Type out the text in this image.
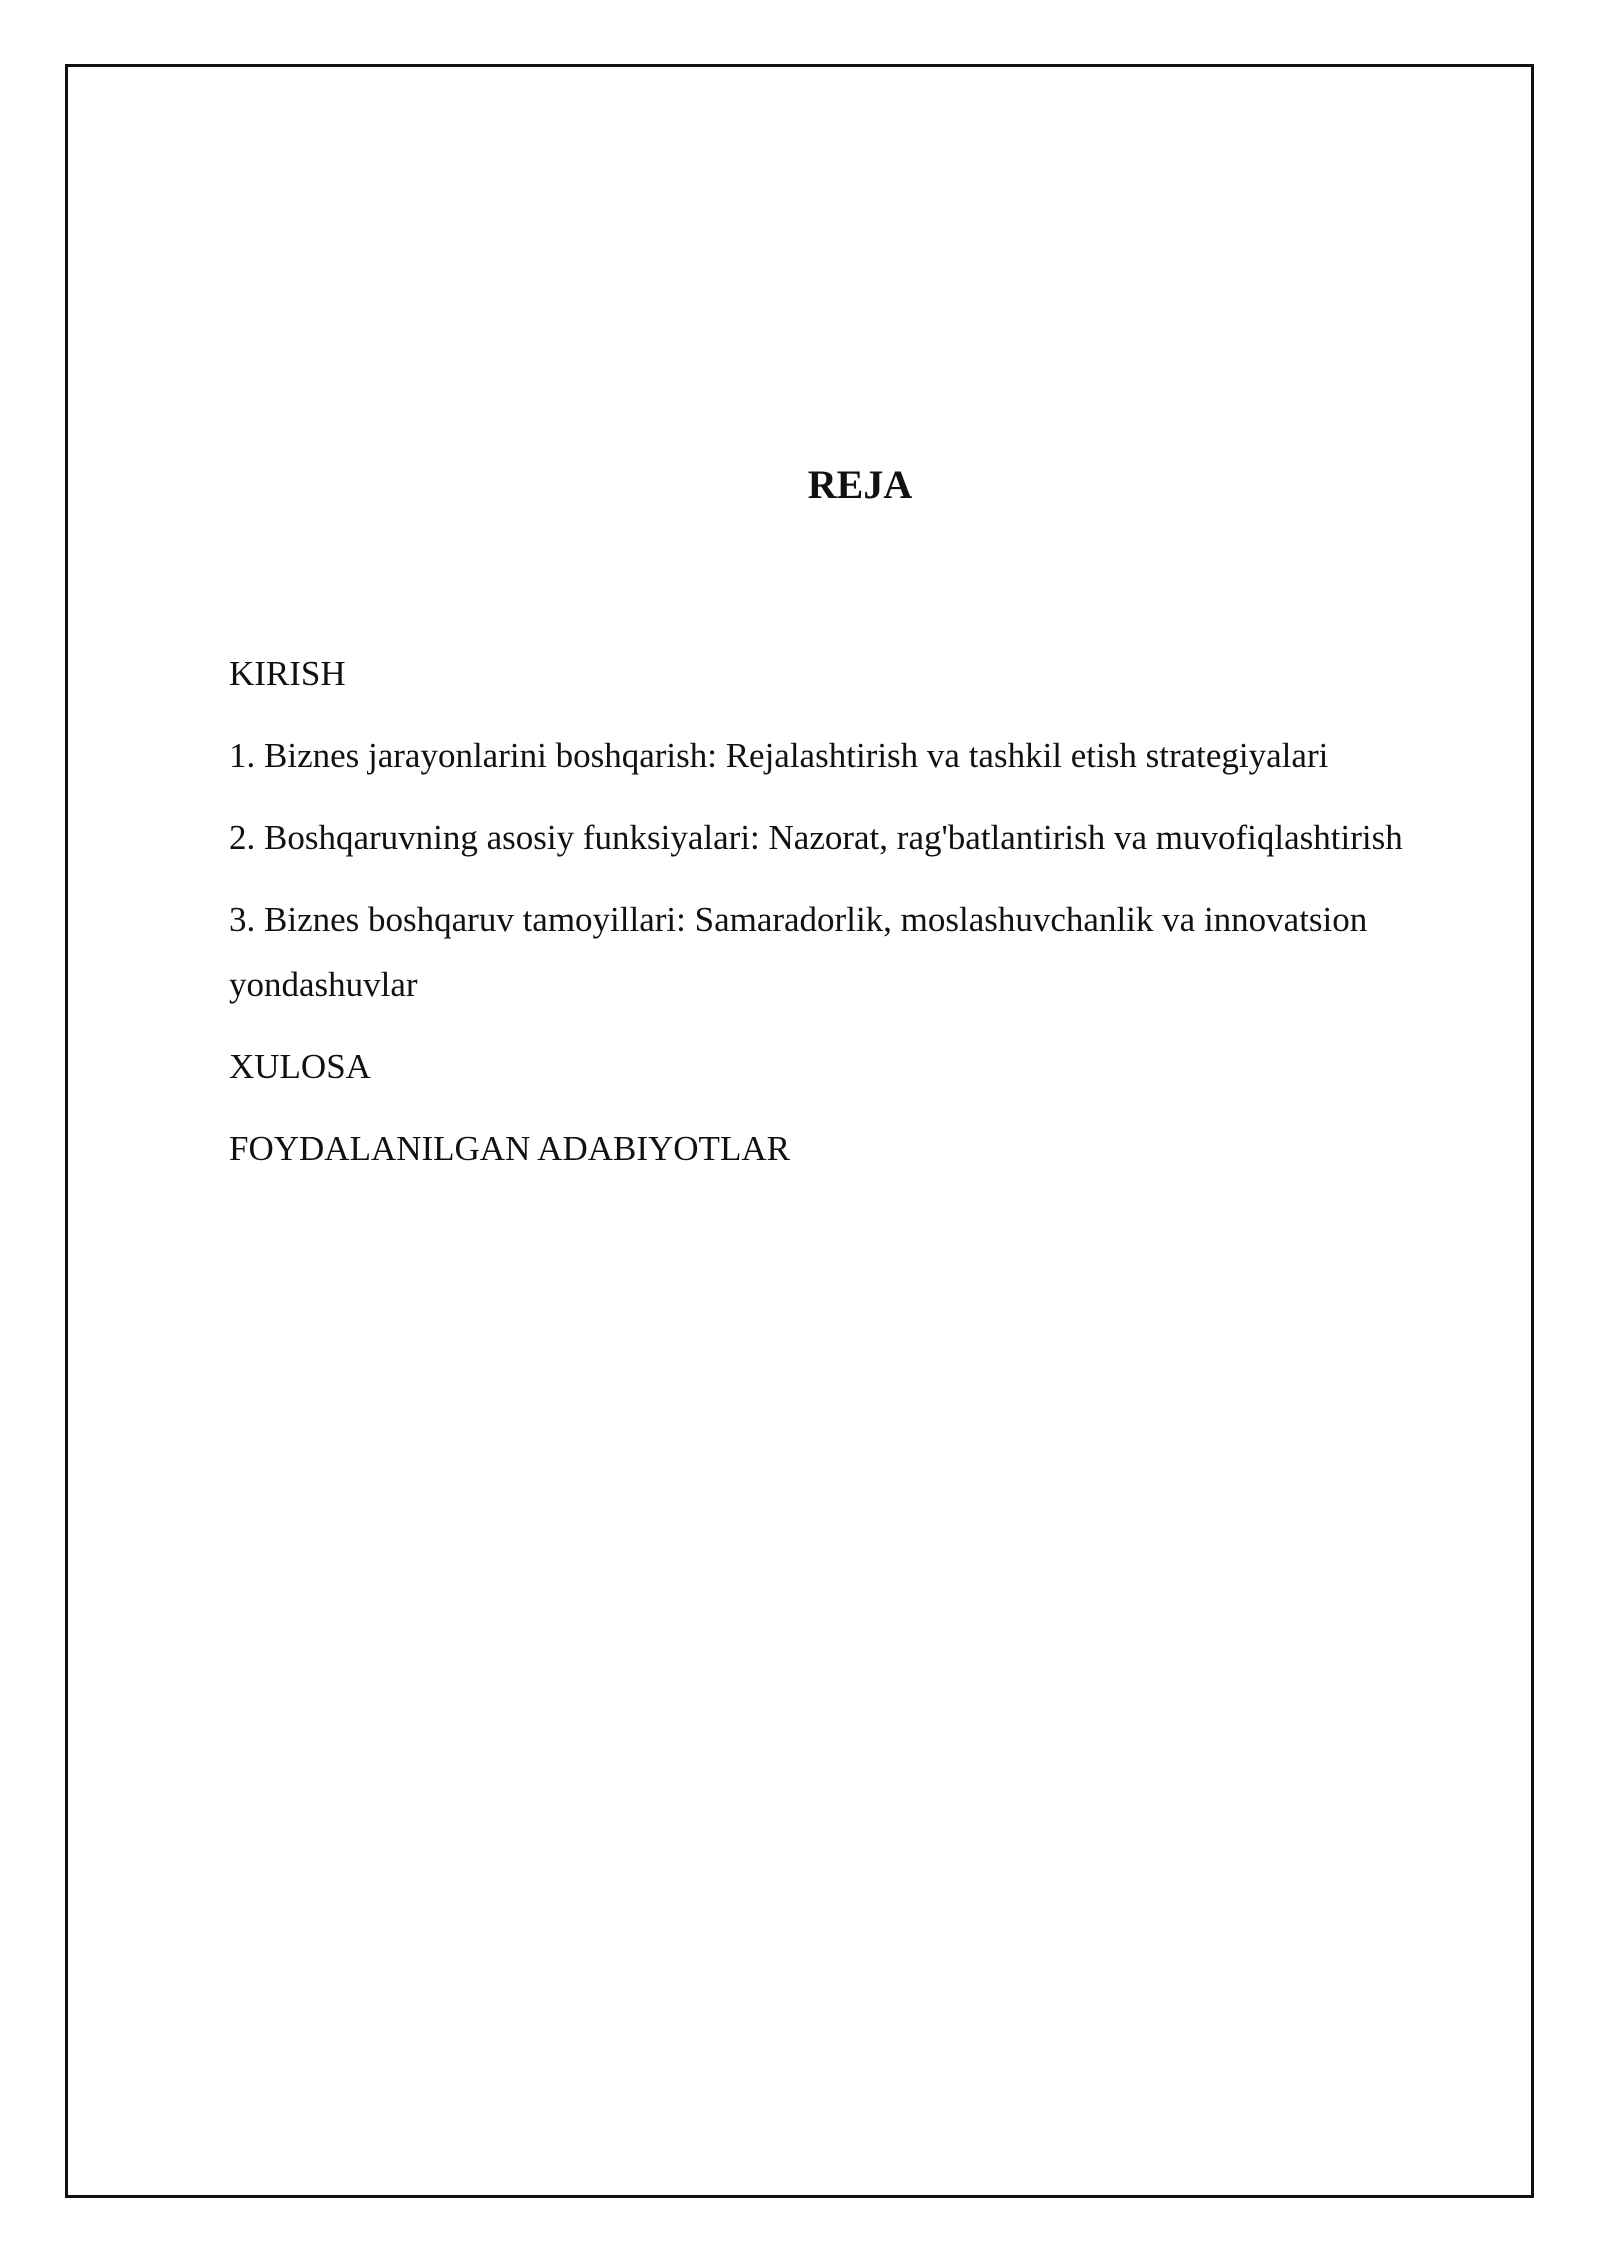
REJA
KIRISH
1. Biznes jarayonlarini boshqarish: Rejalashtirish va tashkil etish strategiyalari
2. Boshqaruvning asosiy funksiyalari: Nazorat, rag'batlantirish va muvofiqlashtirish
3. Biznes boshqaruv tamoyillari: Samaradorlik, moslashuvchanlik va innovatsion yondashuvlar
XULOSA
FOYDALANILGAN ADABIYOTLAR
